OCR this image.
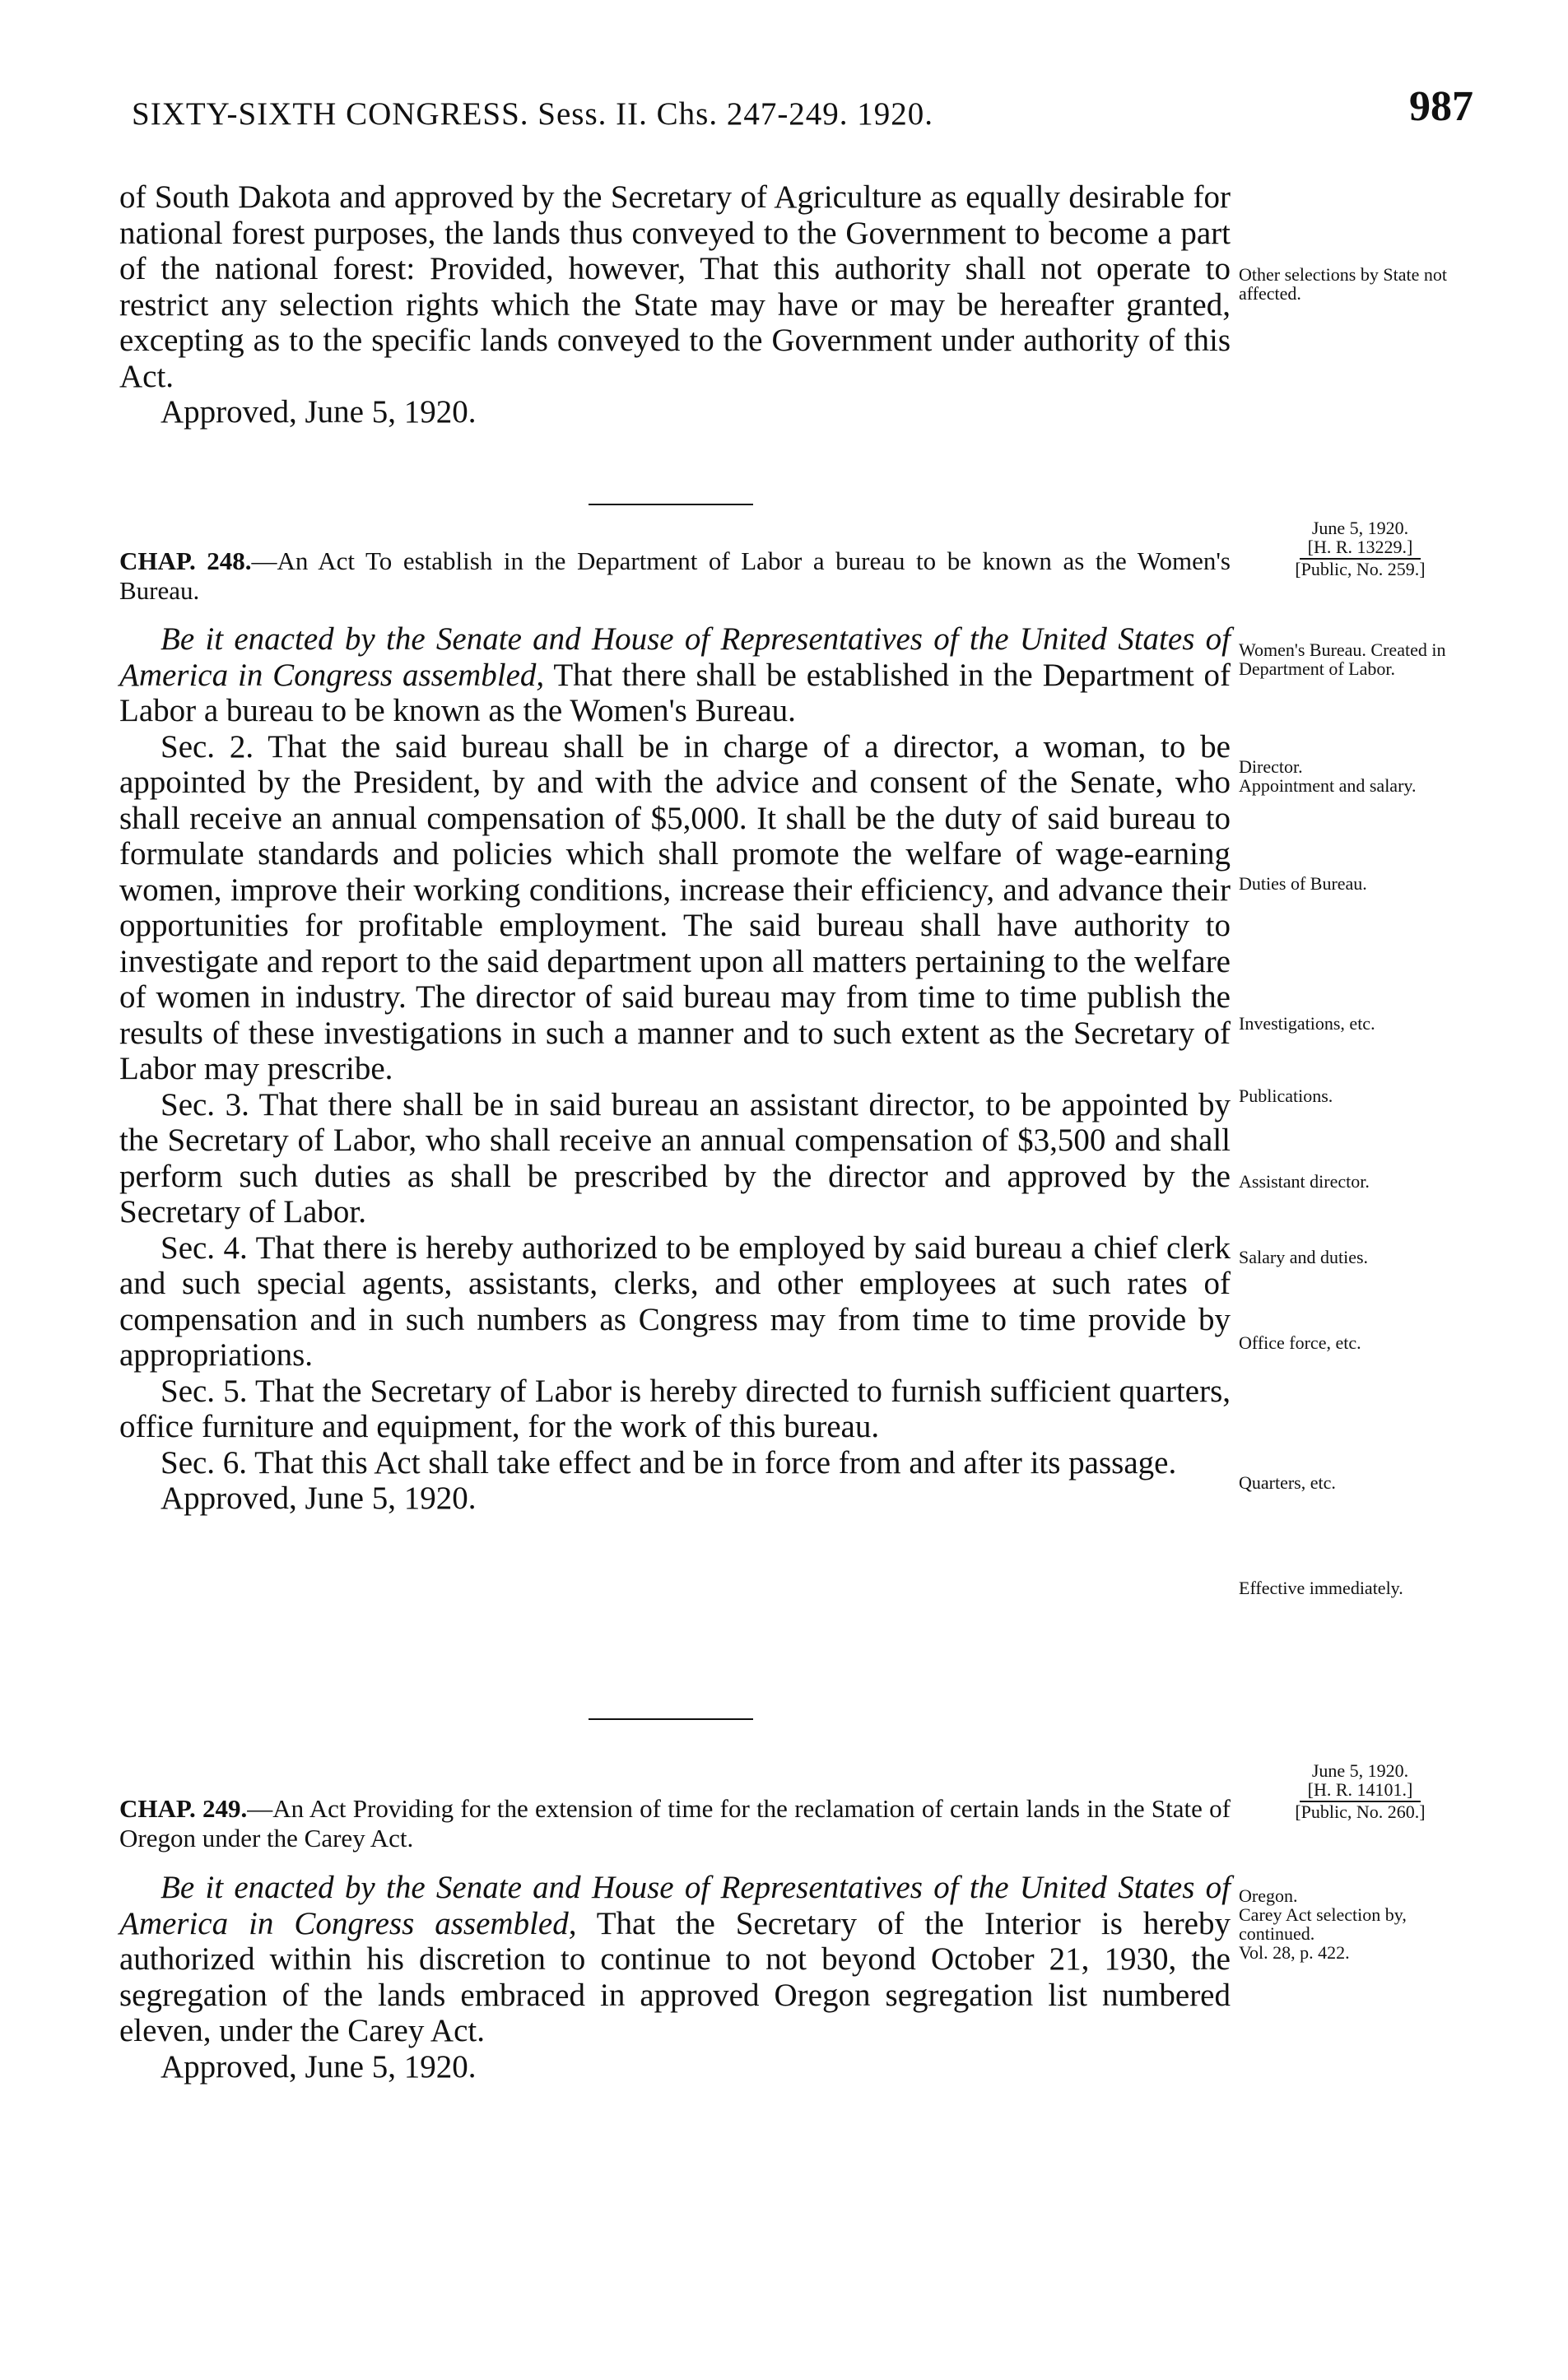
SIXTY-SIXTH CONGRESS. Sess. II. Chs. 247-249. 1920.	987

of South Dakota and approved by the Secretary of Agriculture as equally desirable for national forest purposes, the lands thus conveyed to the Government to become a part of the national forest: Provided, however, That this authority shall not operate to restrict any selection rights which the State may have or may be hereafter granted, excepting as to the specific lands conveyed to the Government under authority of this Act.

Approved, June 5, 1920.

CHAP. 248.—An Act To establish in the Department of Labor a bureau to be known as the Women's Bureau.

Be it enacted by the Senate and House of Representatives of the United States of America in Congress assembled, That there shall be established in the Department of Labor a bureau to be known as the Women's Bureau.

Sec. 2. That the said bureau shall be in charge of a director, a woman, to be appointed by the President, by and with the advice and consent of the Senate, who shall receive an annual compensation of $5,000. It shall be the duty of said bureau to formulate standards and policies which shall promote the welfare of wage-earning women, improve their working conditions, increase their efficiency, and advance their opportunities for profitable employment. The said bureau shall have authority to investigate and report to the said department upon all matters pertaining to the welfare of women in industry. The director of said bureau may from time to time publish the results of these investigations in such a manner and to such extent as the Secretary of Labor may prescribe.

Sec. 3. That there shall be in said bureau an assistant director, to be appointed by the Secretary of Labor, who shall receive an annual compensation of $3,500 and shall perform such duties as shall be prescribed by the director and approved by the Secretary of Labor.

Sec. 4. That there is hereby authorized to be employed by said bureau a chief clerk and such special agents, assistants, clerks, and other employees at such rates of compensation and in such numbers as Congress may from time to time provide by appropriations.

Sec. 5. That the Secretary of Labor is hereby directed to furnish sufficient quarters, office furniture and equipment, for the work of this bureau.

Sec. 6. That this Act shall take effect and be in force from and after its passage.

Approved, June 5, 1920.

CHAP. 249.—An Act Providing for the extension of time for the reclamation of certain lands in the State of Oregon under the Carey Act.

Be it enacted by the Senate and House of Representatives of the United States of America in Congress assembled, That the Secretary of the Interior is hereby authorized within his discretion to continue to not beyond October 21, 1930, the segregation of the lands embraced in approved Oregon segregation list numbered eleven, under the Carey Act.

Approved, June 5, 1920.

Other selections by State not affected.
June 5, 1920.
[H. R. 13229.]
[Public, No. 259.]
Women's Bureau. Created in Department of Labor.
Director.
Appointment and salary.
Duties of Bureau.
Investigations, etc.
Publications.
Assistant director.
Salary and duties.
Office force, etc.
Quarters, etc.
Effective immediately.
June 5, 1920.
[H. R. 14101.]
[Public, No. 260.]
Oregon.
Carey Act selection by, continued.
Vol. 28, p. 422.
